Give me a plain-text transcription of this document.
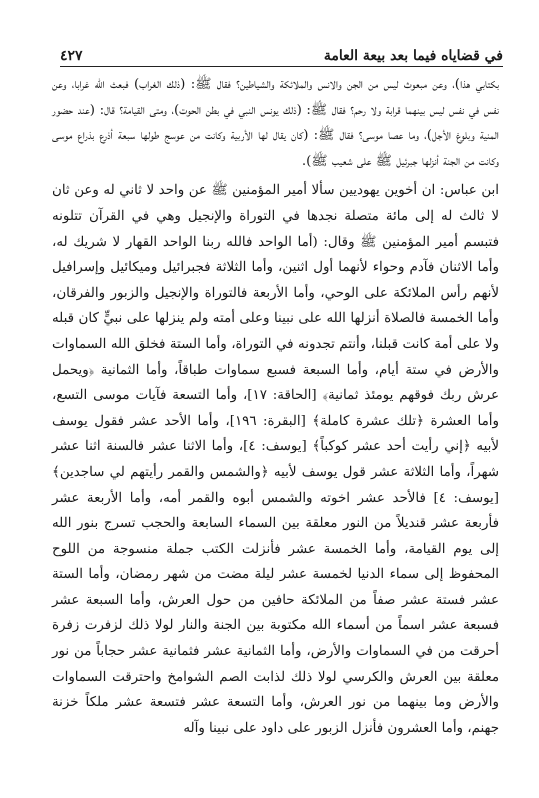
في قضاياه فيما بعد بيعة العامة
٤٢٧

بكتابي هذا)، وعن مبعوث ليس من الجن والانس والملائكة والشياطين؟ فقال ﷺ: (ذلك الغراب) فبعث الله غرابا، وعن نفس في نفس ليس بينهما قرابة ولا رحم؟ فقال ﷺ: (ذلك يونس النبي في بطن الحوت)، ومتى القيامة؟ قال: (عند حضور المنية وبلوغ الأجل)، وما عصا موسى؟ فقال ﷺ: (كان يقال لها الأربية وكانت من عوسج طولها سبعة أذرع بذراع موسى وكانت من الجنة أنزلها جبرئيل ﷺ على شعيب ﷺ).

ابن عباس: ان أخوين يهوديين سألا أمير المؤمنين ﷺ عن واحد لا ثاني له وعن ثان لا ثالث له إلى مائة متصلة نجدها في التوراة والإنجيل وهي في القرآن تتلونه فتبسم أمير المؤمنين ﷺ وقال: (أما الواحد فالله ربنا الواحد القهار لا شريك له، وأما الاثنان فآدم وحواء لأنهما أول اثنين، وأما الثلاثة فجبرائيل وميكائيل وإسرافيل لأنهم رأس الملائكة على الوحي، وأما الأربعة فالتوراة والإنجيل والزبور والفرقان، وأما الخمسة فالصلاة أنزلها الله على نبينا وعلى أمته ولم ينزلها على نبيٍّ كان قبله ولا على أمة كانت قبلنا، وأنتم تجدونه في التوراة، وأما الستة فخلق الله السماوات والأرض في ستة أيام، وأما السبعة فسبع سماوات طباقاً، وأما الثمانية ﴿ويحمل عرش ربك فوقهم يومئذ ثمانية﴾ [الحاقة: ١٧]، وأما التسعة فآيات موسى التسع، وأما العشرة ﴿تلك عشرة كاملة﴾ [البقرة: ١٩٦]، وأما الأحد عشر فقول يوسف لأبيه ﴿إني رأيت أحد عشر كوكباً﴾ [يوسف: ٤]، وأما الاثنا عشر فالسنة اثنا عشر شهراً، وأما الثلاثة عشر قول يوسف لأبيه ﴿والشمس والقمر رأيتهم لي ساجدين﴾ [يوسف: ٤] فالأحد عشر اخوته والشمس أبوه والقمر أمه، وأما الأربعة عشر فأربعة عشر قنديلاً من النور معلقة بين السماء السابعة والحجب تسرج بنور الله إلى يوم القيامة، وأما الخمسة عشر فأنزلت الكتب جملة منسوجة من اللوح المحفوظ إلى سماء الدنيا لخمسة عشر ليلة مضت من شهر رمضان، وأما الستة عشر فستة عشر صفاً من الملائكة حافين من حول العرش، وأما السبعة عشر فسبعة عشر اسماً من أسماء الله مكتوبة بين الجنة والنار لولا ذلك لزفرت زفرة أحرقت من في السماوات والأرض، وأما الثمانية عشر فثمانية عشر حجاباً من نور معلقة بين العرش والكرسي لولا ذلك لذابت الصم الشوامخ واحترقت السماوات والأرض وما بينهما من نور العرش، وأما التسعة عشر فتسعة عشر ملكاً خزنة جهنم، وأما العشرون فأنزل الزبور على داود على نبينا وآله
